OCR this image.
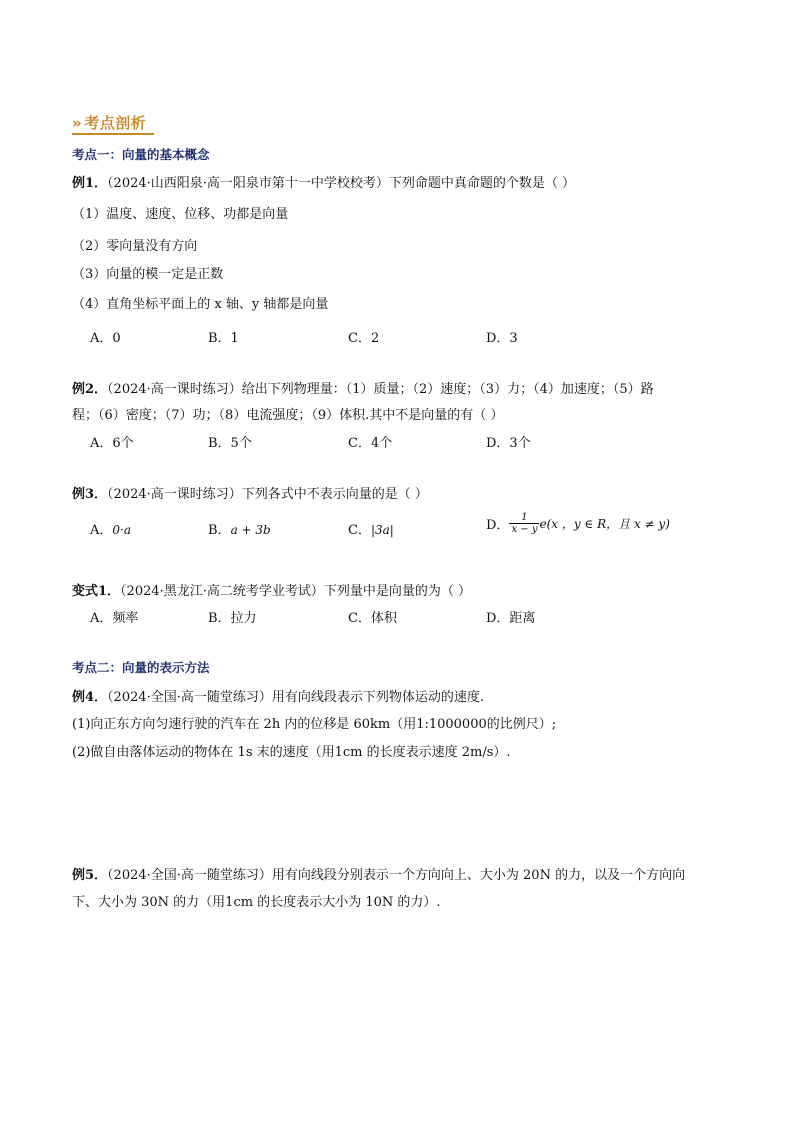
» 考点剖析
考点一：向量的基本概念
例1．（2024·山西阳泉·高一阳泉市第十一中学校校考）下列命题中真命题的个数是（ ）
（1）温度、速度、位移、功都是向量
（2）零向量没有方向
（3）向量的模一定是正数
（4）直角坐标平面上的 x 轴、y 轴都是向量
A．0	B．1	C．2	D．3
例2．（2024·高一课时练习）给出下列物理量：（1）质量；（2）速度；（3）力；（4）加速度；（5）路
程；（6）密度；（7）功；（8）电流强度；（9）体积.其中不是向量的有（ ）
A．6个	B．5个	C．4个	D．3个
例3．（2024·高一课时练习）下列各式中不表示向量的是（ ）
A．0·a	B．a + 3b	C．|3a|	D． $\frac{1}{x - y} e(x$ ，y ∈ R，且 x ≠ y)
变式1．（2024·黑龙江·高二统考学业考试）下列量中是向量的为（ ）
A．频率	B．拉力	C．体积	D．距离
考点二：向量的表示方法
例4．（2024·全国·高一随堂练习）用有向线段表示下列物体运动的速度.
(1)向正东方向匀速行驶的汽车在 2h 内的位移是 60km（用1:1000000的比例尺）;
(2)做自由落体运动的物体在 1s 末的速度（用1cm 的长度表示速度 2m/s）.
例5．（2024·全国·高一随堂练习）用有向线段分别表示一个方向向上、大小为 20N 的力，以及一个方向向
下、大小为 30N 的力（用1cm 的长度表示大小为 10N 的力）.
